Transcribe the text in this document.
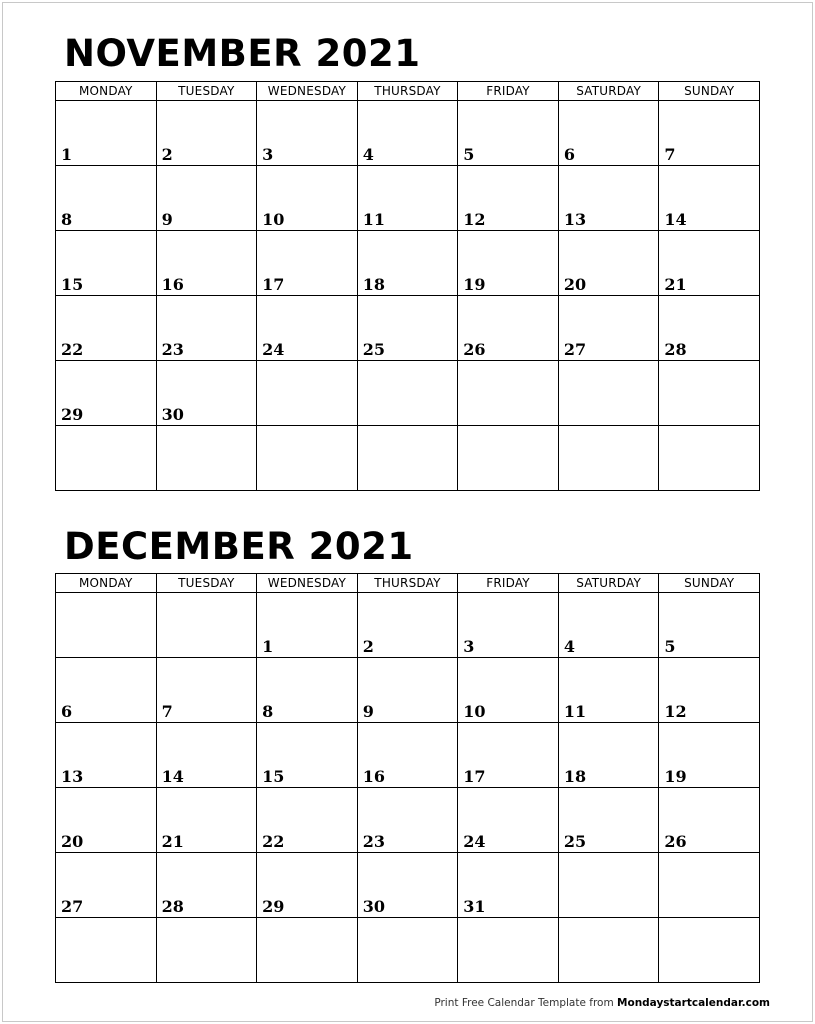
NOVEMBER 2021
MONDAY	TUESDAY	WEDNESDAY	THURSDAY	FRIDAY	SATURDAY	SUNDAY

1	2	3	4	5	6	7

8	9	10	11	12	13	14

15	16	17	18	19	20	21

22	23	24	25	26	27	28

29	30					

DECEMBER 2021
MONDAY	TUESDAY	WEDNESDAY	THURSDAY	FRIDAY	SATURDAY	SUNDAY

		1	2	3	4	5

6	7	8	9	10	11	12

13	14	15	16	17	18	19

20	21	22	23	24	25	26

27	28	29	30	31		

Print Free Calendar Template from Mondaystartcalendar.com
